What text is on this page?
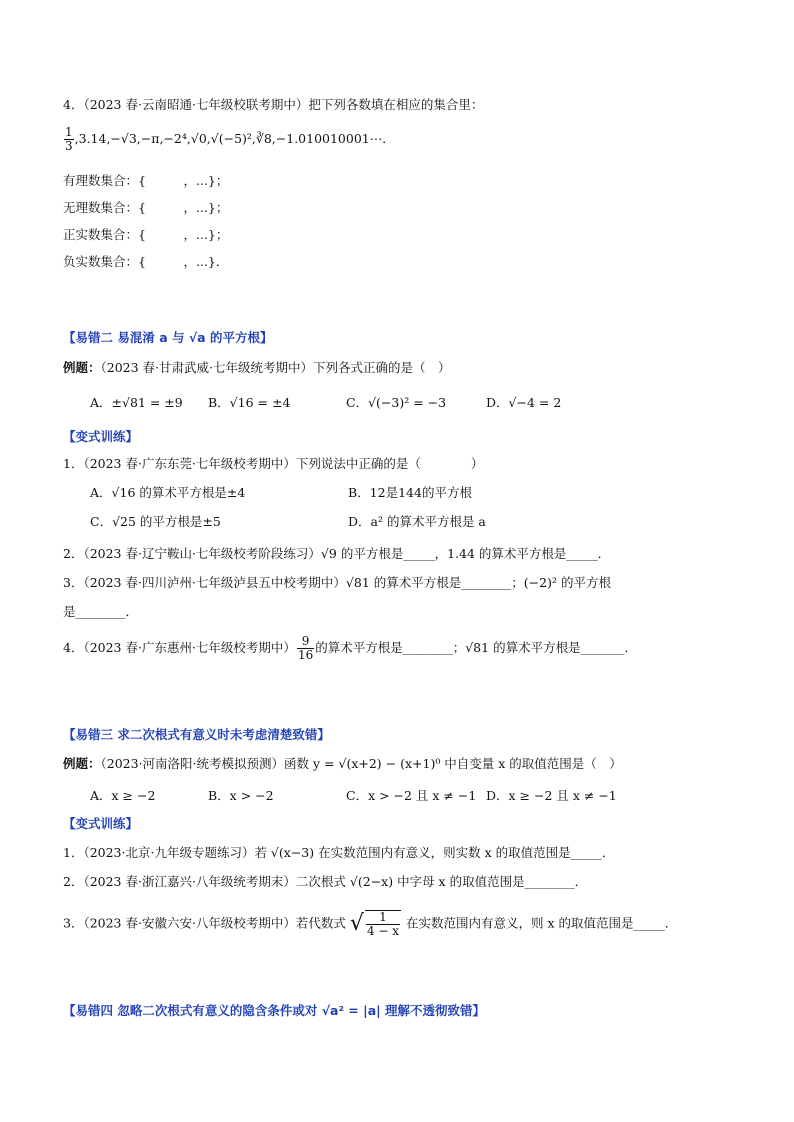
4．（2023 春·云南昭通·七年级校联考期中）把下列各数填在相应的集合里：
$\frac{1}{3}$ ,3.14,−√3,−π,−2⁴,√0,√(−5)²,∛8,−1.010010001⋯．
有理数集合：{　　　，...}；
无理数集合：{　　　，...}；
正实数集合：{　　　，...}；
负实数集合：{　　　，...}．
【易错二 易混淆 a 与 √a 的平方根】
例题：（2023 春·甘肃武威·七年级统考期中）下列各式正确的是（　）
A．±√81 = ±9 B．√16 = ±4	C．√(−3)² = −3	D．√−4 = 2
【变式训练】
1．（2023 春·广东东莞·七年级校考期中）下列说法中正确的是（　　　　）
A．√16 的算术平方根是±4	B．12是144的平方根
C．√25 的平方根是±5	D．a² 的算术平方根是 a
2．（2023 春·辽宁鞍山·七年级校考阶段练习）√9 的平方根是_____，1.44 的算术平方根是_____．
3．（2023 春·四川泸州·七年级泸县五中校考期中）√81 的算术平方根是________；(−2)² 的平方根
是________．
4．（2023 春·广东惠州·七年级校考期中） $\frac{9}{16}$ 的算术平方根是________；√81 的算术平方根是_______．
【易错三 求二次根式有意义时未考虑清楚致错】
例题：（2023·河南洛阳·统考模拟预测）函数 y = √(x+2) − (x+1)⁰ 中自变量 x 的取值范围是（　）
A．x ≥ −2	B．x > −2	C．x > −2 且 x ≠ −1 D．x ≥ −2 且 x ≠ −1
【变式训练】
1．（2023·北京·九年级专题练习）若 √(x−3) 在实数范围内有意义，则实数 x 的取值范围是_____．
2．（2023 春·浙江嘉兴·八年级统考期末）二次根式 √(2−x) 中字母 x 的取值范围是________．
3．（2023 春·安徽六安·八年级校考期中）若代数式 √ $\frac{1}{4 - x}$ 在实数范围内有意义，则 x 的取值范围是_____．
【易错四 忽略二次根式有意义的隐含条件或对 √a² = |a| 理解不透彻致错】
